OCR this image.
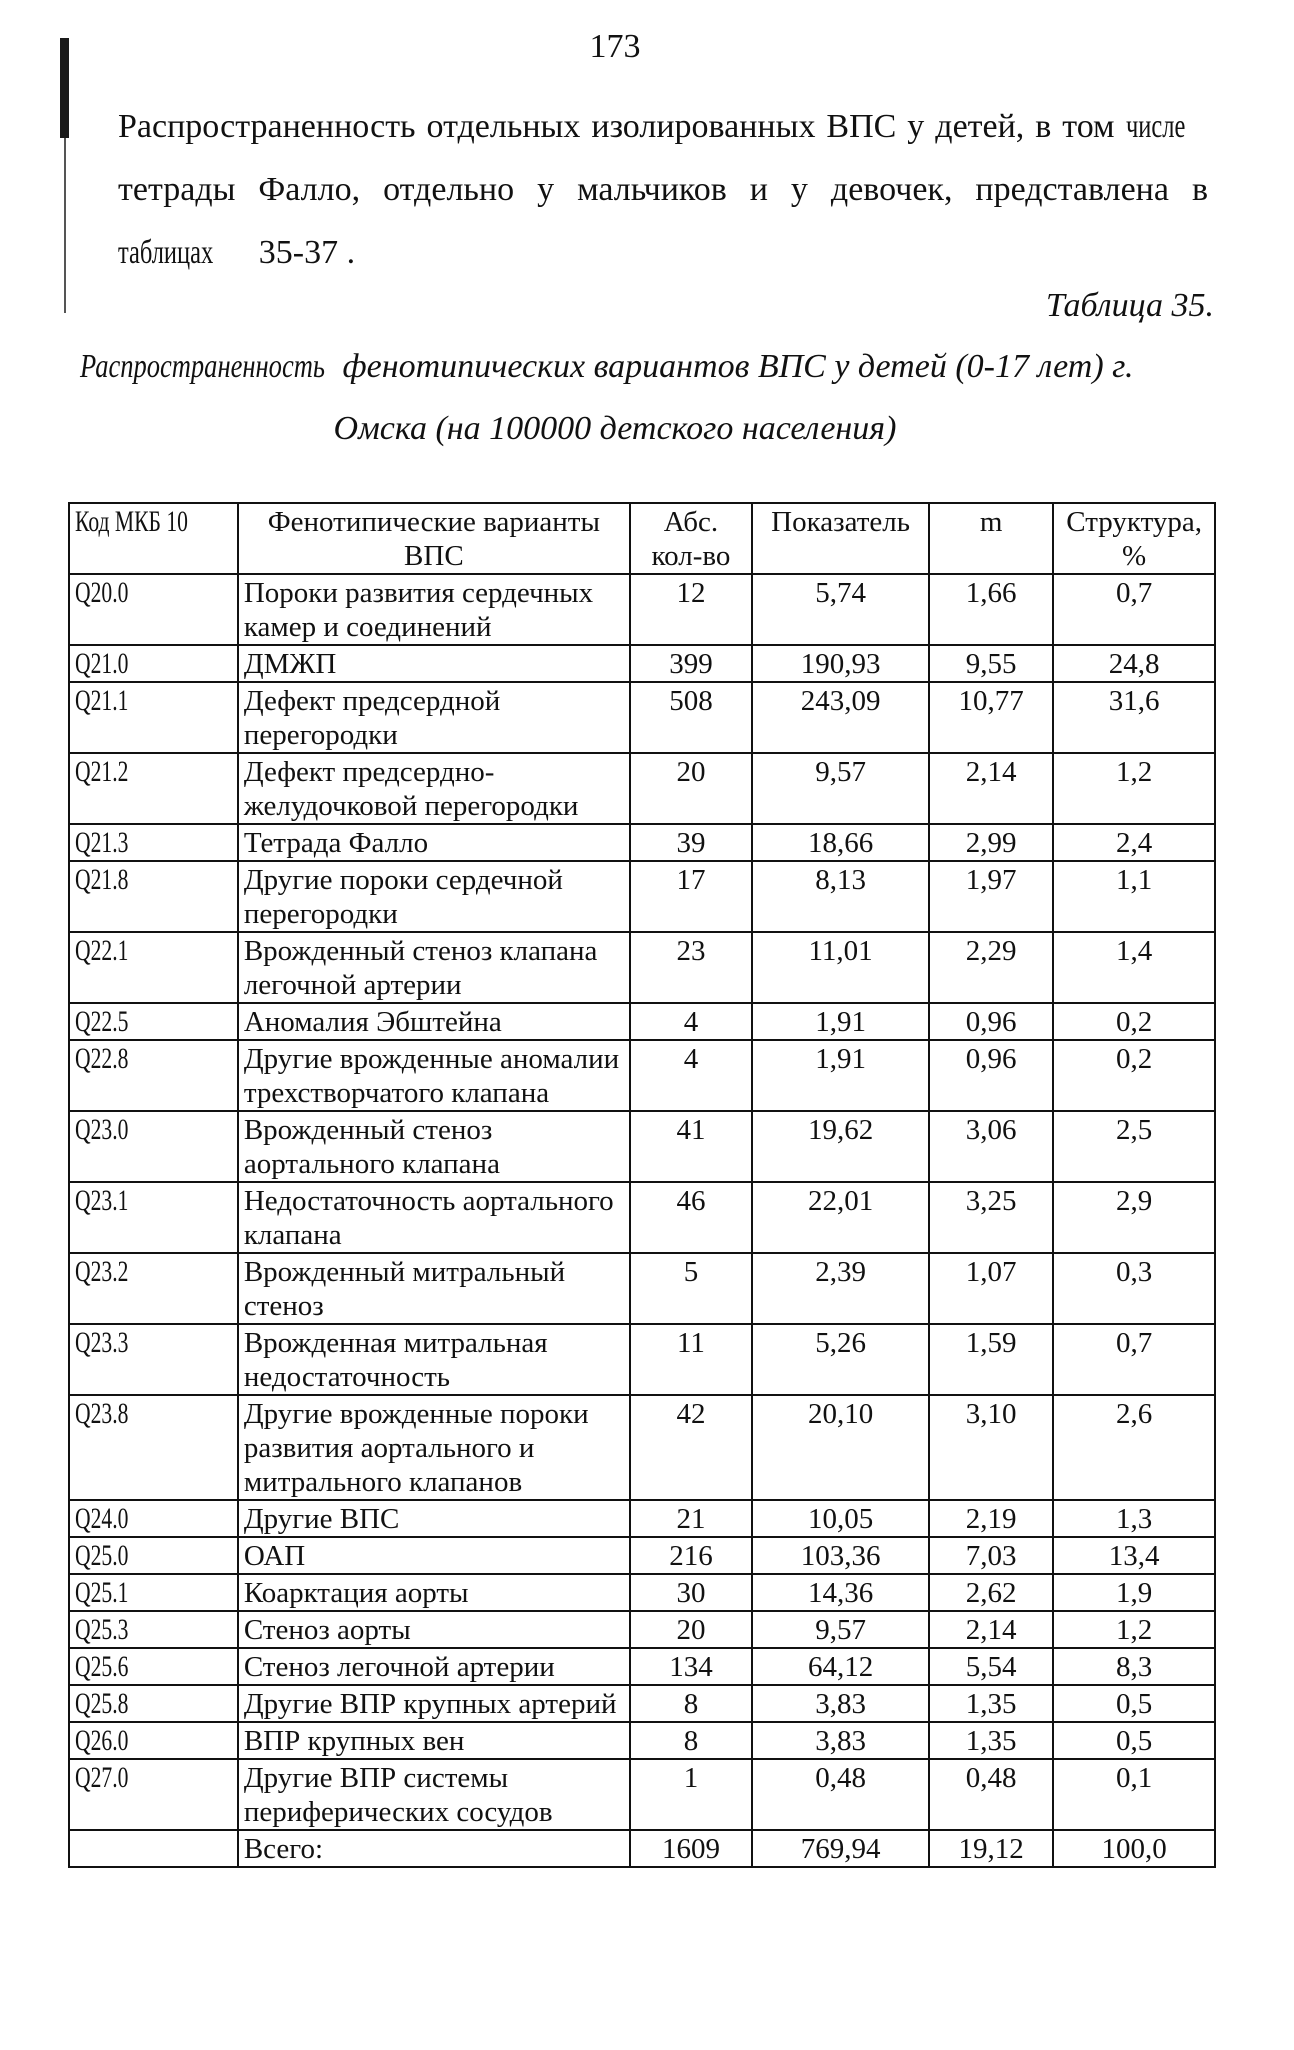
173
Распространенность отдельных изолированных ВПС у детей, в том числе тетрады Фалло, отдельно у мальчиков и у девочек, представлена в таблицах 35-37 .
Таблица 35.
Распространенность фенотипических вариантов ВПС у детей (0-17 лет) г.
Омска (на 100000 детского населения)
Код МКБ 10	Фенотипические варианты ВПС	Абс. кол-во	Показатель	m	Структура, %
Q20.0	Пороки развития сердечных камер и соединений	12	5,74	1,66	0,7
Q21.0	ДМЖП	399	190,93	9,55	24,8
Q21.1	Дефект предсердной перегородки	508	243,09	10,77	31,6
Q21.2	Дефект предсердно-желудочковой перегородки	20	9,57	2,14	1,2
Q21.3	Тетрада Фалло	39	18,66	2,99	2,4
Q21.8	Другие пороки сердечной перегородки	17	8,13	1,97	1,1
Q22.1	Врожденный стеноз клапана легочной артерии	23	11,01	2,29	1,4
Q22.5	Аномалия Эбштейна	4	1,91	0,96	0,2
Q22.8	Другие врожденные аномалии трехстворчатого клапана	4	1,91	0,96	0,2
Q23.0	Врожденный стеноз аортального клапана	41	19,62	3,06	2,5
Q23.1	Недостаточность аортального клапана	46	22,01	3,25	2,9
Q23.2	Врожденный митральный стеноз	5	2,39	1,07	0,3
Q23.3	Врожденная митральная недостаточность	11	5,26	1,59	0,7
Q23.8	Другие врожденные пороки развития аортального и митрального клапанов	42	20,10	3,10	2,6
Q24.0	Другие ВПС	21	10,05	2,19	1,3
Q25.0	ОАП	216	103,36	7,03	13,4
Q25.1	Коарктация аорты	30	14,36	2,62	1,9
Q25.3	Стеноз аорты	20	9,57	2,14	1,2
Q25.6	Стеноз легочной артерии	134	64,12	5,54	8,3
Q25.8	Другие ВПР крупных артерий	8	3,83	1,35	0,5
Q26.0	ВПР крупных вен	8	3,83	1,35	0,5
Q27.0	Другие ВПР системы периферических сосудов	1	0,48	0,48	0,1
	Всего:	1609	769,94	19,12	100,0
